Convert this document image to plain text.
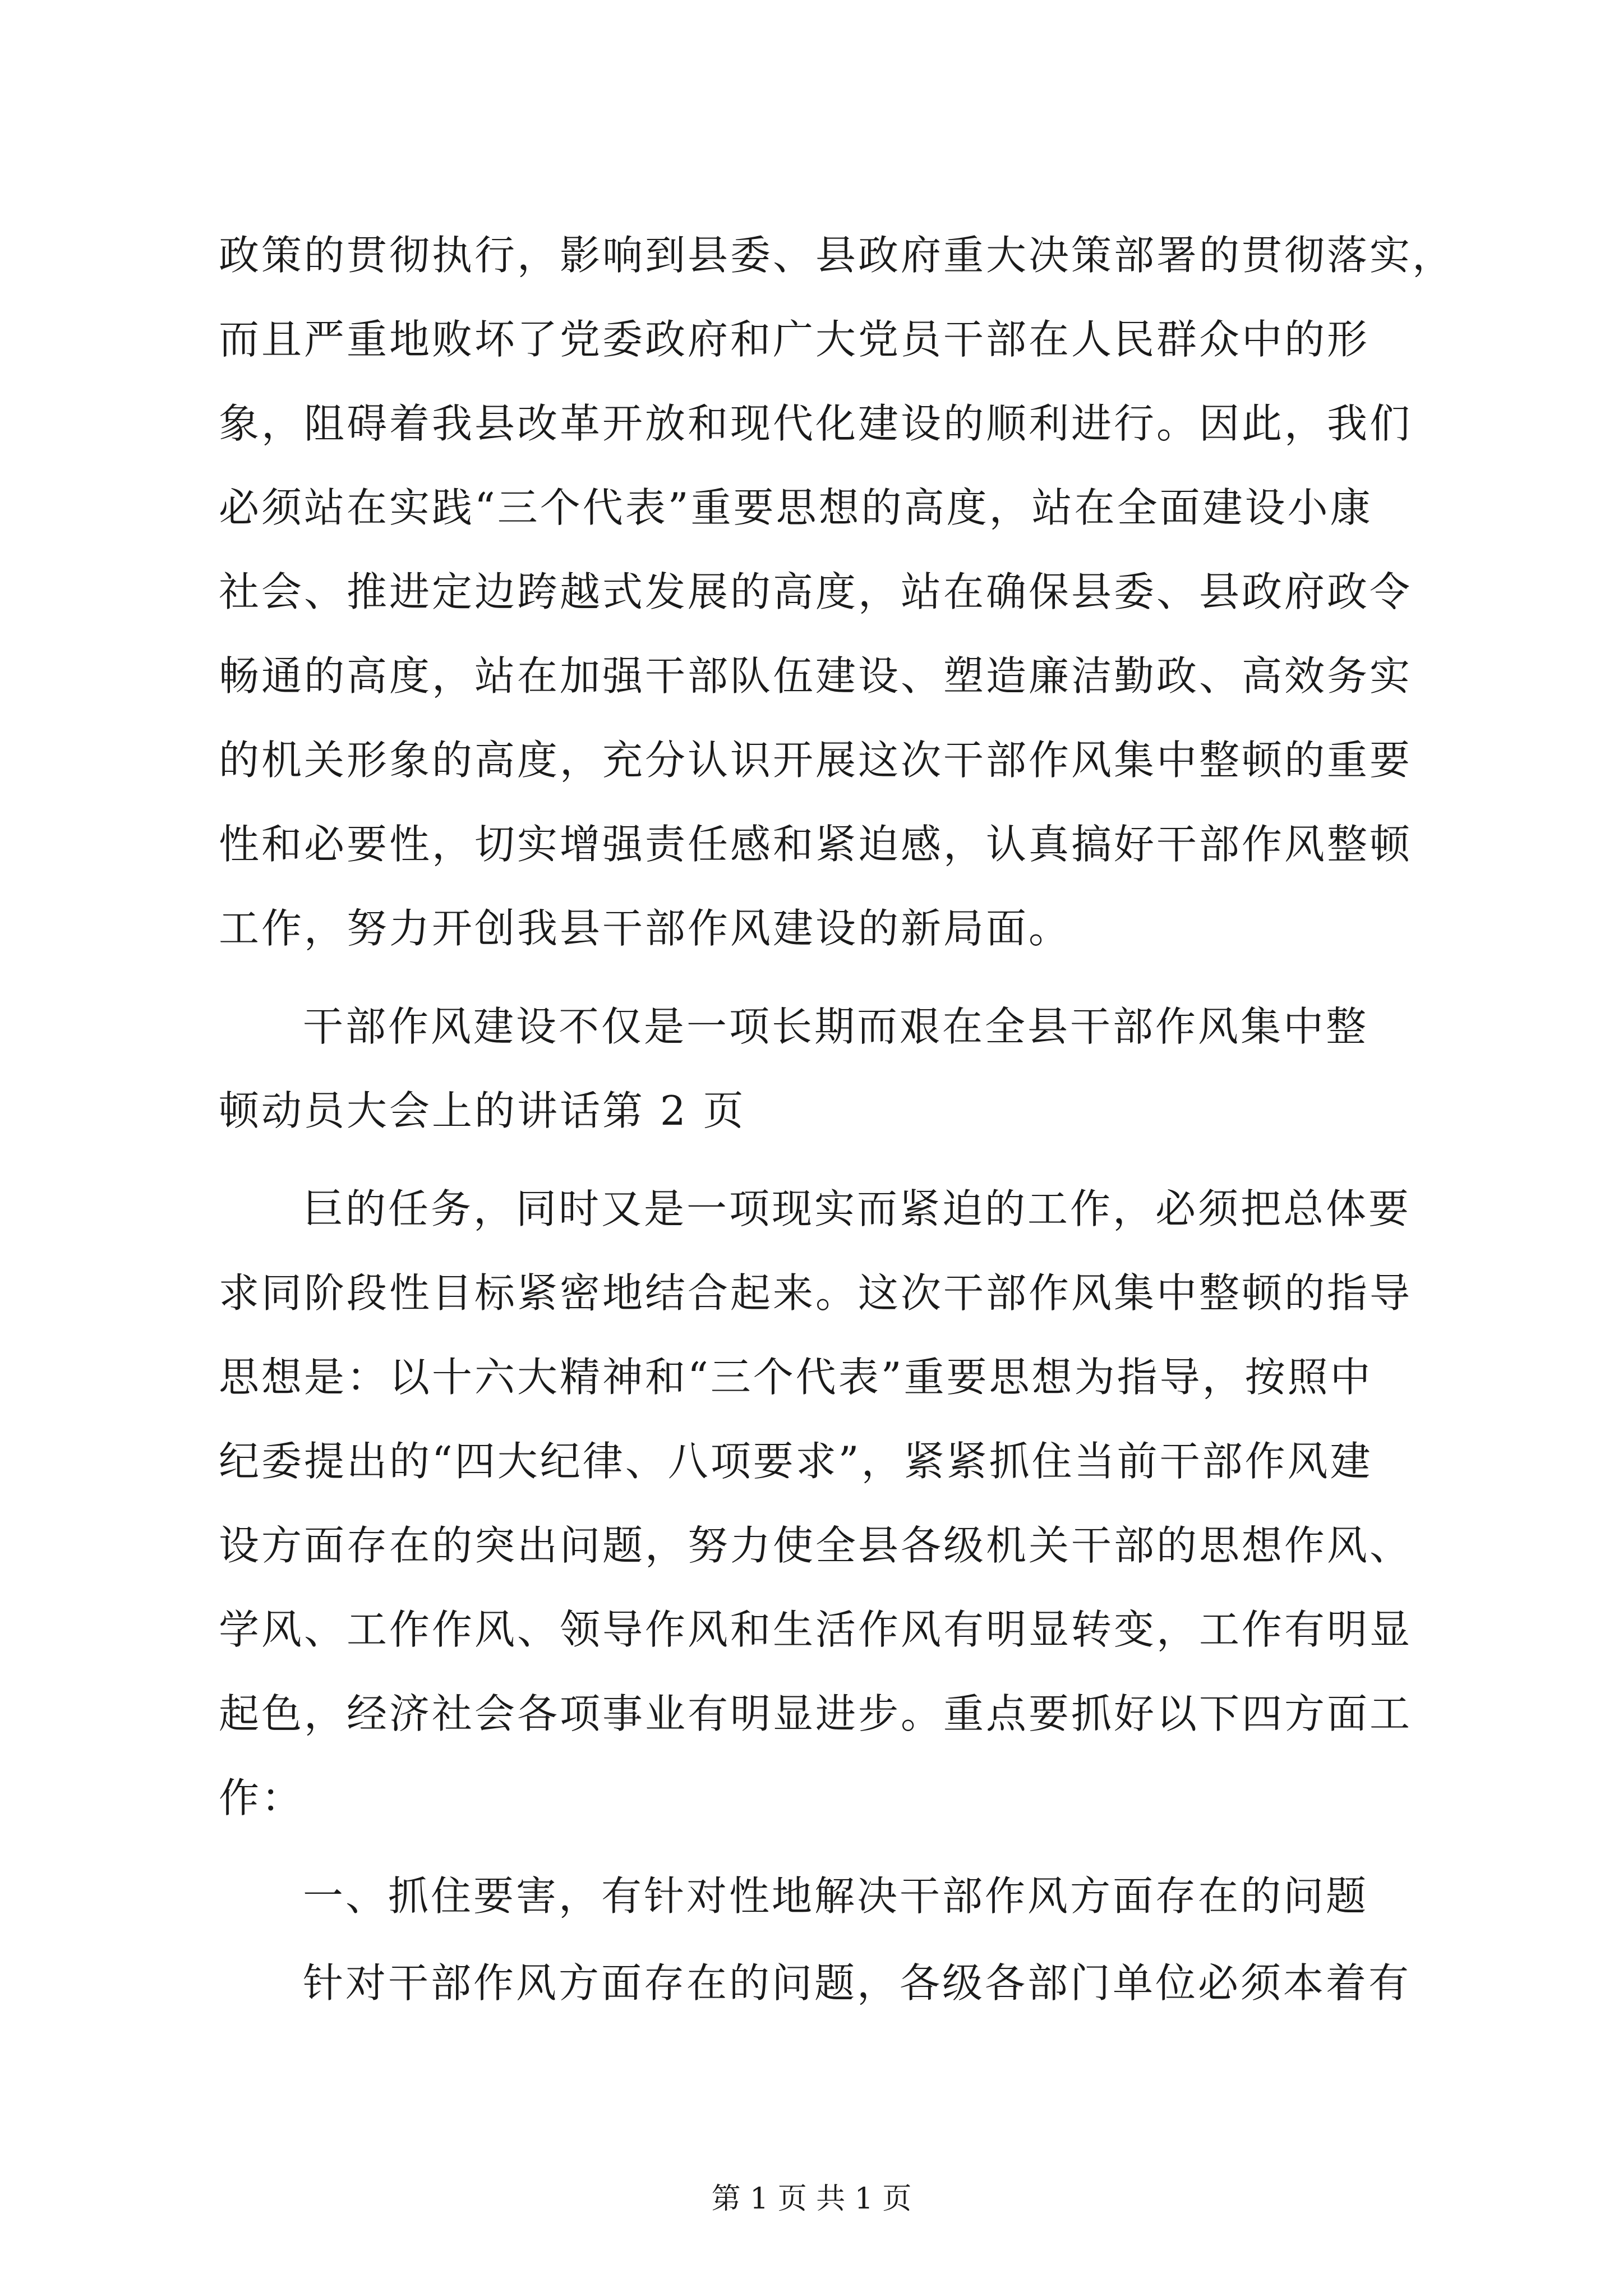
政策的贯彻执行，影响到县委、县政府重大决策部署的贯彻落实，
而且严重地败坏了党委政府和广大党员干部在人民群众中的形
象，阻碍着我县改革开放和现代化建设的顺利进行。因此，我们
必须站在实践“三个代表”重要思想的高度，站在全面建设小康
社会、推进定边跨越式发展的高度，站在确保县委、县政府政令
畅通的高度，站在加强干部队伍建设、塑造廉洁勤政、高效务实
的机关形象的高度，充分认识开展这次干部作风集中整顿的重要
性和必要性，切实增强责任感和紧迫感，认真搞好干部作风整顿
工作，努力开创我县干部作风建设的新局面。
干部作风建设不仅是一项长期而艰在全县干部作风集中整
顿动员大会上的讲话第 2 页
巨的任务，同时又是一项现实而紧迫的工作，必须把总体要
求同阶段性目标紧密地结合起来。这次干部作风集中整顿的指导
思想是：以十六大精神和“三个代表”重要思想为指导，按照中
纪委提出的“四大纪律、八项要求”，紧紧抓住当前干部作风建
设方面存在的突出问题，努力使全县各级机关干部的思想作风、
学风、工作作风、领导作风和生活作风有明显转变，工作有明显
起色，经济社会各项事业有明显进步。重点要抓好以下四方面工
作：
一、抓住要害，有针对性地解决干部作风方面存在的问题
针对干部作风方面存在的问题，各级各部门单位必须本着有
第 1 页 共 1 页
